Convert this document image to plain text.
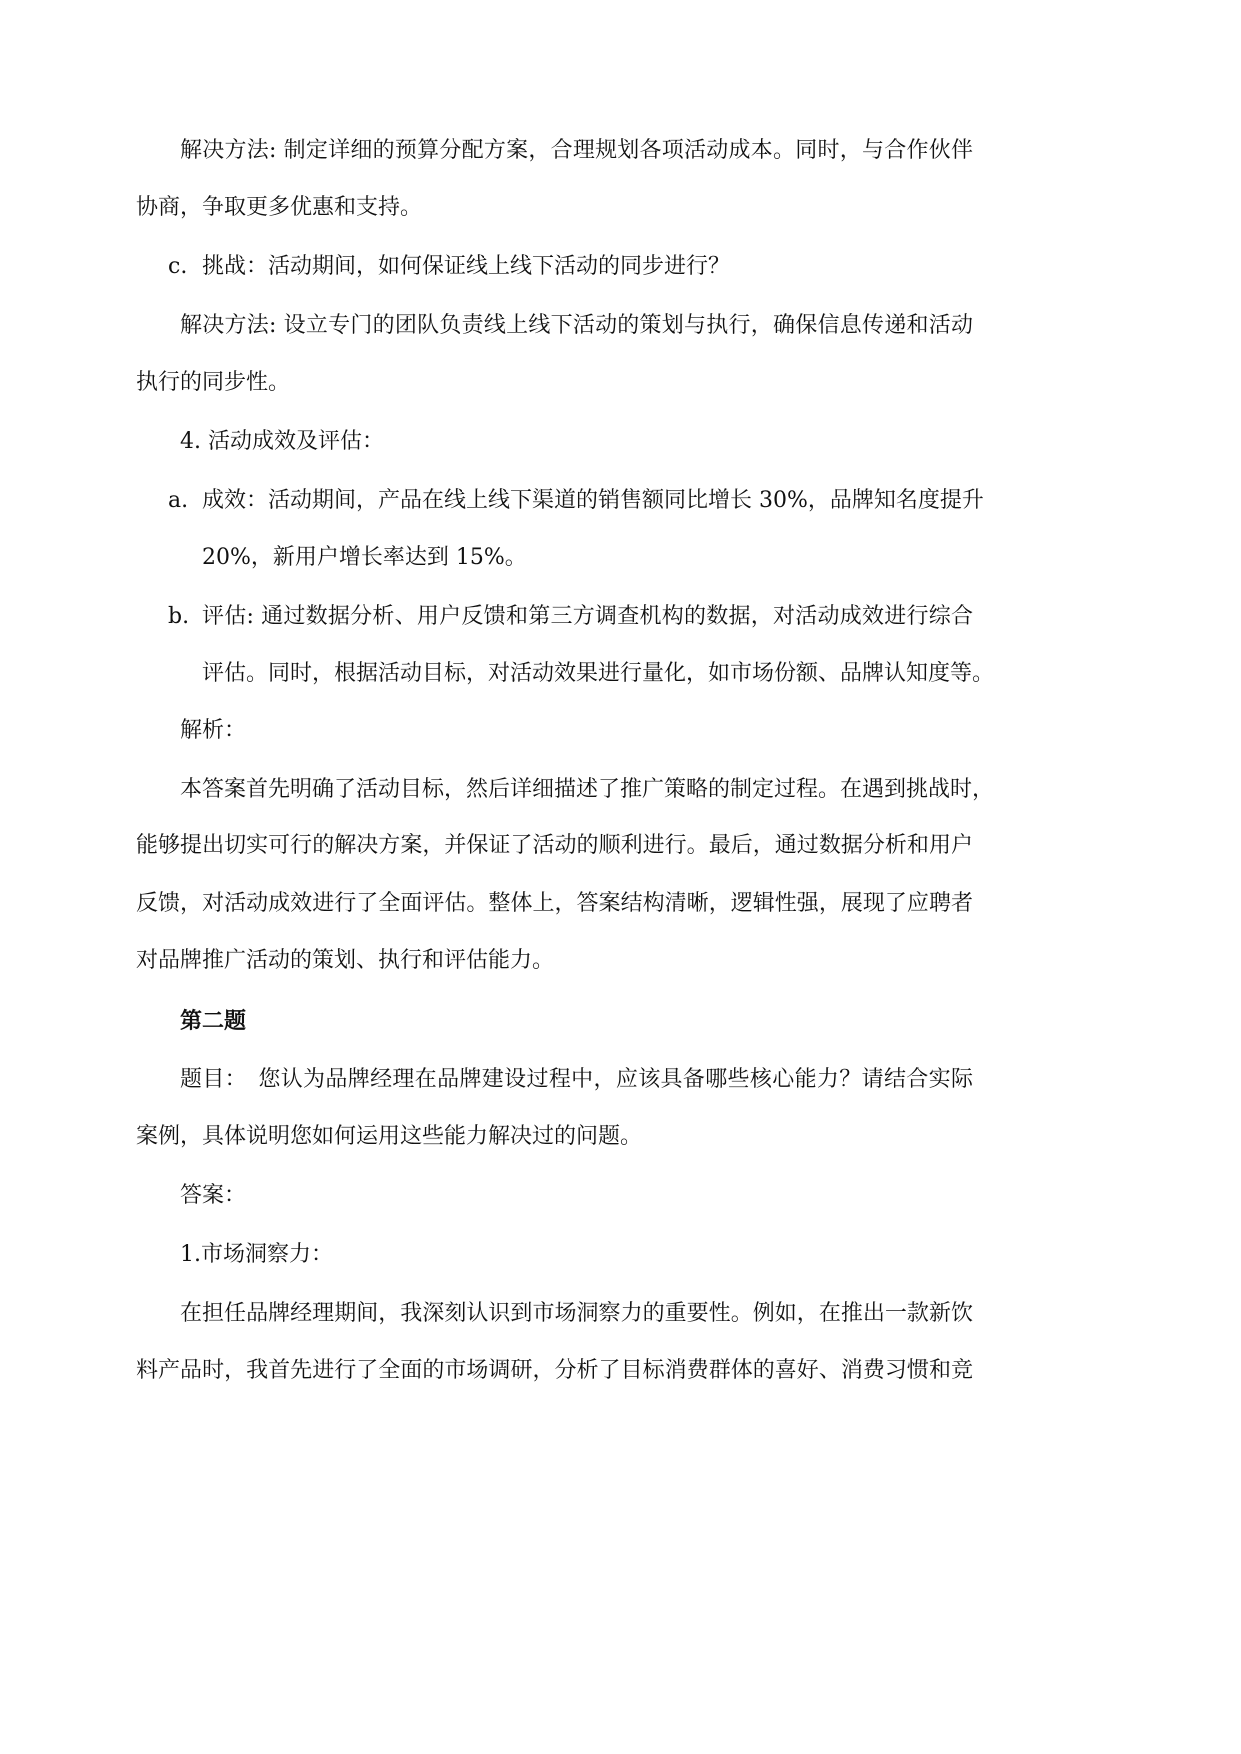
解决方法: 制定详细的预算分配方案，合理规划各项活动成本。同时，与合作伙伴

协商，争取更多优惠和支持。

c. 挑战：活动期间，如何保证线上线下活动的同步进行？

解决方法: 设立专门的团队负责线上线下活动的策划与执行，确保信息传递和活动

执行的同步性。

4. 活动成效及评估：

a. 成效：活动期间，产品在线上线下渠道的销售额同比增长 30%，品牌知名度提升

20%，新用户增长率达到 15%。

b. 评估: 通过数据分析、用户反馈和第三方调查机构的数据，对活动成效进行综合

评估。同时，根据活动目标，对活动效果进行量化，如市场份额、品牌认知度等。

解析：

本答案首先明确了活动目标，然后详细描述了推广策略的制定过程。在遇到挑战时，

能够提出切实可行的解决方案，并保证了活动的顺利进行。最后，通过数据分析和用户

反馈，对活动成效进行了全面评估。整体上，答案结构清晰，逻辑性强，展现了应聘者

对品牌推广活动的策划、执行和评估能力。

第二题

题目：　您认为品牌经理在品牌建设过程中，应该具备哪些核心能力？请结合实际

案例，具体说明您如何运用这些能力解决过的问题。

答案：

1.市场洞察力：

在担任品牌经理期间，我深刻认识到市场洞察力的重要性。例如，在推出一款新饮

料产品时，我首先进行了全面的市场调研，分析了目标消费群体的喜好、消费习惯和竞
